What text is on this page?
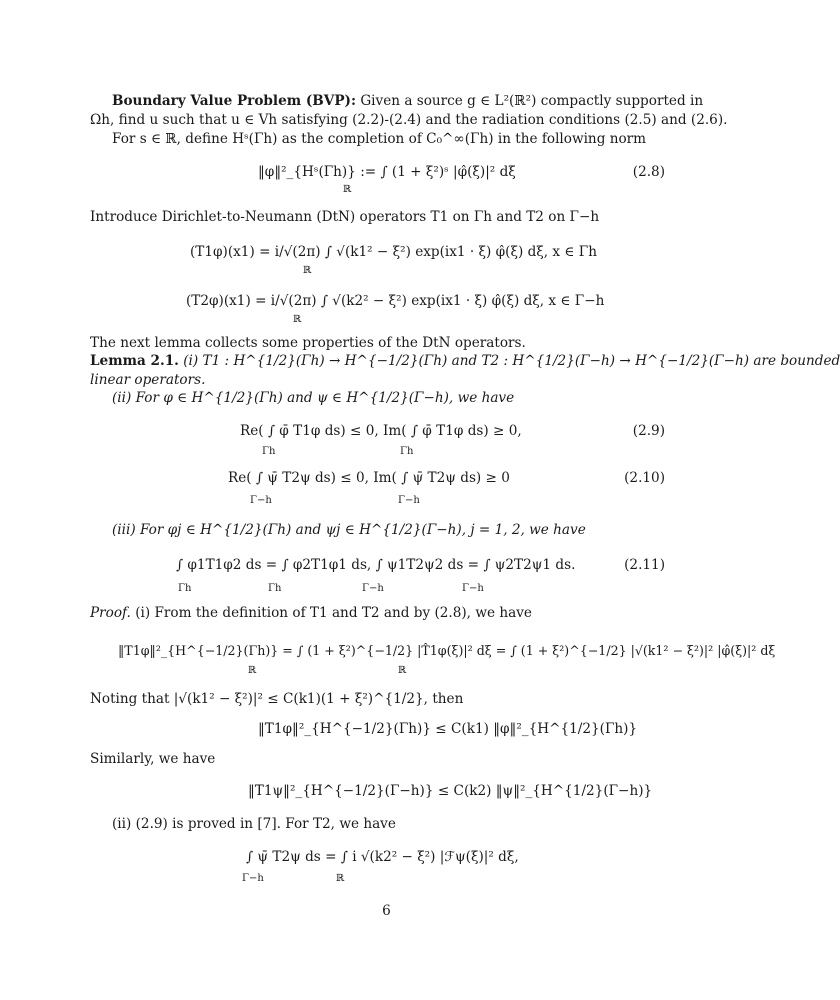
Boundary Value Problem (BVP): Given a source g ∈ L²(ℝ²) compactly supported in
Ωh, find u such that u ∈ Vh satisfying (2.2)-(2.4) and the radiation conditions (2.5) and (2.6).
For s ∈ ℝ, define Hˢ(Γh) as the completion of C₀^∞(Γh) in the following norm
‖φ‖²_{Hˢ(Γh)} := ∫ (1 + ξ²)ˢ |φ̂(ξ)|² dξ
ℝ
(2.8)
Introduce Dirichlet-to-Neumann (DtN) operators T1 on Γh and T2 on Γ−h
(T1φ)(x1) = i/√(2π) ∫ √(k1² − ξ²) exp(ix1 · ξ) φ̂(ξ) dξ, x ∈ Γh
ℝ
(T2φ)(x1) = i/√(2π) ∫ √(k2² − ξ²) exp(ix1 · ξ) φ̂(ξ) dξ, x ∈ Γ−h
ℝ
The next lemma collects some properties of the DtN operators.
Lemma 2.1. (i) T1 : H^{1/2}(Γh) → H^{−1/2}(Γh) and T2 : H^{1/2}(Γ−h) → H^{−1/2}(Γ−h) are bounded
linear operators.
(ii) For φ ∈ H^{1/2}(Γh) and ψ ∈ H^{1/2}(Γ−h), we have
Re( ∫ φ̄ T1φ ds) ≤ 0, Im( ∫ φ̄ T1φ ds) ≥ 0,
Γh	Γh
(2.9)
Re( ∫ ψ̄ T2ψ ds) ≤ 0, Im( ∫ ψ̄ T2ψ ds) ≥ 0
Γ−h	Γ−h
(2.10)
(iii) For φj ∈ H^{1/2}(Γh) and ψj ∈ H^{1/2}(Γ−h), j = 1, 2, we have
∫ φ1T1φ2 ds = ∫ φ2T1φ1 ds, ∫ ψ1T2ψ2 ds = ∫ ψ2T2ψ1 ds.
Γh	Γh	Γ−h	Γ−h
(2.11)
Proof. (i) From the definition of T1 and T2 and by (2.8), we have
‖T1φ‖²_{H^{−1/2}(Γh)} = ∫ (1 + ξ²)^{−1/2} |T̂1φ(ξ)|² dξ = ∫ (1 + ξ²)^{−1/2} |√(k1² − ξ²)|² |φ̂(ξ)|² dξ
ℝ	ℝ
Noting that |√(k1² − ξ²)|² ≤ C(k1)(1 + ξ²)^{1/2}, then
‖T1φ‖²_{H^{−1/2}(Γh)} ≤ C(k1) ‖φ‖²_{H^{1/2}(Γh)}
Similarly, we have
‖T1ψ‖²_{H^{−1/2}(Γ−h)} ≤ C(k2) ‖ψ‖²_{H^{1/2}(Γ−h)}
(ii) (2.9) is proved in [7]. For T2, we have
∫ ψ̄ T2ψ ds = ∫ i √(k2² − ξ²) |ℱψ(ξ)|² dξ,
Γ−h	ℝ
6
